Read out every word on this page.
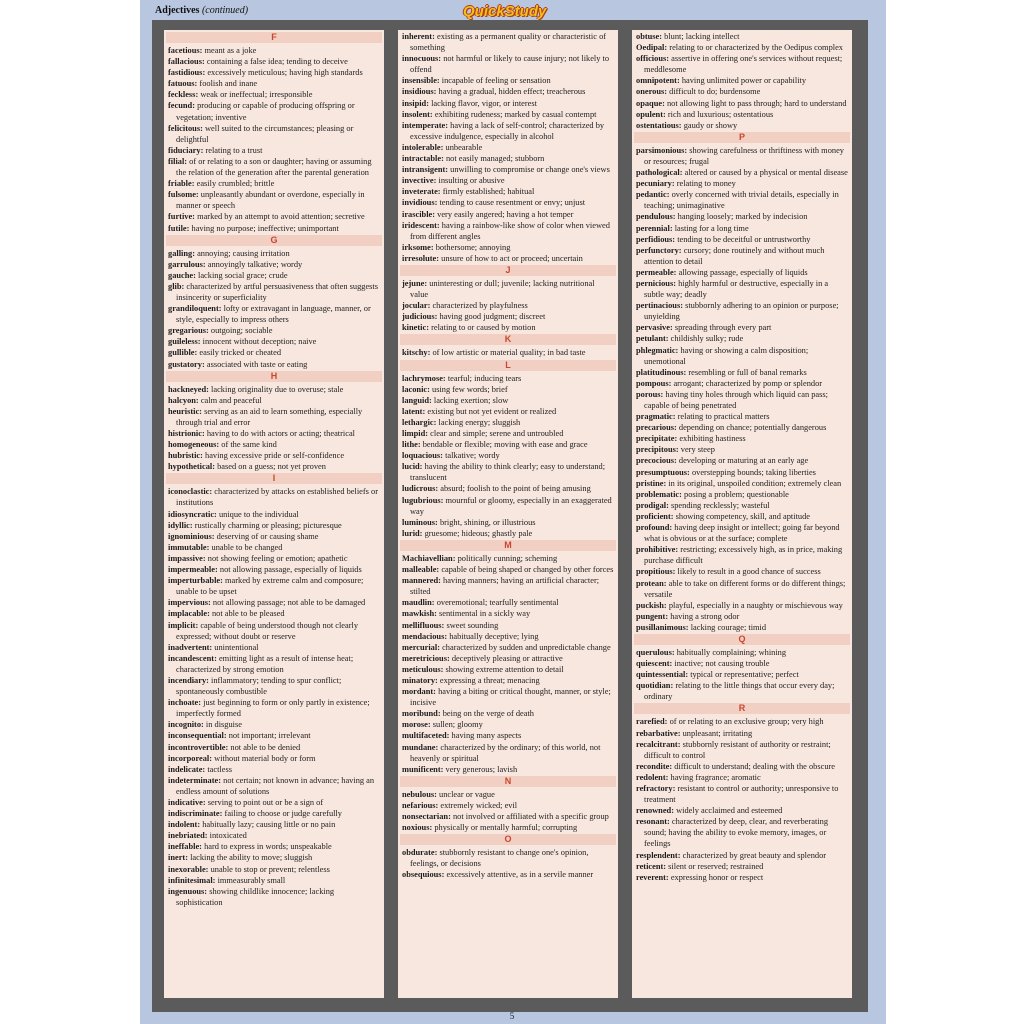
Adjectives (continued)	QuickStudy
F
facetious: meant as a joke
fallacious: containing a false idea; tending to deceive
fastidious: excessively meticulous; having high standards
fatuous: foolish and inane
feckless: weak or ineffectual; irresponsible
fecund: producing or capable of producing offspring or vegetation; inventive
felicitous: well suited to the circumstances; pleasing or delightful
fiduciary: relating to a trust
filial: of or relating to a son or daughter; having or assuming the relation of the generation after the parental generation
friable: easily crumbled; brittle
fulsome: unpleasantly abundant or overdone, especially in manner or speech
furtive: marked by an attempt to avoid attention; secretive
futile: having no purpose; ineffective; unimportant
G
galling: annoying; causing irritation
garrulous: annoyingly talkative; wordy
gauche: lacking social grace; crude
glib: characterized by artful persuasiveness that often suggests insincerity or superficiality
grandiloquent: lofty or extravagant in language, manner, or style, especially to impress others
gregarious: outgoing; sociable
guileless: innocent without deception; naive
gullible: easily tricked or cheated
gustatory: associated with taste or eating
H
hackneyed: lacking originality due to overuse; stale
halcyon: calm and peaceful
heuristic: serving as an aid to learn something, especially through trial and error
histrionic: having to do with actors or acting; theatrical
homogeneous: of the same kind
hubristic: having excessive pride or self-confidence
hypothetical: based on a guess; not yet proven
I
iconoclastic: characterized by attacks on established beliefs or institutions
idiosyncratic: unique to the individual
idyllic: rustically charming or pleasing; picturesque
ignominious: deserving of or causing shame
immutable: unable to be changed
impassive: not showing feeling or emotion; apathetic
impermeable: not allowing passage, especially of liquids
imperturbable: marked by extreme calm and composure; unable to be upset
impervious: not allowing passage; not able to be damaged
implacable: not able to be pleased
implicit: capable of being understood though not clearly expressed; without doubt or reserve
inadvertent: unintentional
incandescent: emitting light as a result of intense heat; characterized by strong emotion
incendiary: inflammatory; tending to spur conflict; spontaneously combustible
inchoate: just beginning to form or only partly in existence; imperfectly formed
incognito: in disguise
inconsequential: not important; irrelevant
incontrovertible: not able to be denied
incorporeal: without material body or form
indelicate: tactless
indeterminate: not certain; not known in advance; having an endless amount of solutions
indicative: serving to point out or be a sign of
indiscriminate: failing to choose or judge carefully
indolent: habitually lazy; causing little or no pain
inebriated: intoxicated
ineffable: hard to express in words; unspeakable
inert: lacking the ability to move; sluggish
inexorable: unable to stop or prevent; relentless
infinitesimal: immeasurably small
ingenuous: showing childlike innocence; lacking sophistication
inherent: existing as a permanent quality or characteristic of something
innocuous: not harmful or likely to cause injury; not likely to offend
insensible: incapable of feeling or sensation
insidious: having a gradual, hidden effect; treacherous
insipid: lacking flavor, vigor, or interest
insolent: exhibiting rudeness; marked by casual contempt
intemperate: having a lack of self-control; characterized by excessive indulgence, especially in alcohol
intolerable: unbearable
intractable: not easily managed; stubborn
intransigent: unwilling to compromise or change one's views
invective: insulting or abusive
inveterate: firmly established; habitual
invidious: tending to cause resentment or envy; unjust
irascible: very easily angered; having a hot temper
iridescent: having a rainbow-like show of color when viewed from different angles
irksome: bothersome; annoying
irresolute: unsure of how to act or proceed; uncertain
J
jejune: uninteresting or dull; juvenile; lacking nutritional value
jocular: characterized by playfulness
judicious: having good judgment; discreet
kinetic: relating to or caused by motion
K
kitschy: of low artistic or material quality; in bad taste
L
lachrymose: tearful; inducing tears
laconic: using few words; brief
languid: lacking exertion; slow
latent: existing but not yet evident or realized
lethargic: lacking energy; sluggish
limpid: clear and simple; serene and untroubled
lithe: bendable or flexible; moving with ease and grace
loquacious: talkative; wordy
lucid: having the ability to think clearly; easy to understand; translucent
ludicrous: absurd; foolish to the point of being amusing
lugubrious: mournful or gloomy, especially in an exaggerated way
luminous: bright, shining, or illustrious
lurid: gruesome; hideous; ghastly pale
M
Machiavellian: politically cunning; scheming
malleable: capable of being shaped or changed by other forces
mannered: having manners; having an artificial character; stilted
maudlin: overemotional; tearfully sentimental
mawkish: sentimental in a sickly way
mellifluous: sweet sounding
mendacious: habitually deceptive; lying
mercurial: characterized by sudden and unpredictable change
meretricious: deceptively pleasing or attractive
meticulous: showing extreme attention to detail
minatory: expressing a threat; menacing
mordant: having a biting or critical thought, manner, or style; incisive
moribund: being on the verge of death
morose: sullen; gloomy
multifaceted: having many aspects
mundane: characterized by the ordinary; of this world, not heavenly or spiritual
munificent: very generous; lavish
N
nebulous: unclear or vague
nefarious: extremely wicked; evil
nonsectarian: not involved or affiliated with a specific group
noxious: physically or mentally harmful; corrupting
O
obdurate: stubbornly resistant to change one's opinion, feelings, or decisions
obsequious: excessively attentive, as in a servile manner
obtuse: blunt; lacking intellect
Oedipal: relating to or characterized by the Oedipus complex
officious: assertive in offering one's services without request; meddlesome
omnipotent: having unlimited power or capability
onerous: difficult to do; burdensome
opaque: not allowing light to pass through; hard to understand
opulent: rich and luxurious; ostentatious
ostentatious: gaudy or showy
P
parsimonious: showing carefulness or thriftiness with money or resources; frugal
pathological: altered or caused by a physical or mental disease
pecuniary: relating to money
pedantic: overly concerned with trivial details, especially in teaching; unimaginative
pendulous: hanging loosely; marked by indecision
perennial: lasting for a long time
perfidious: tending to be deceitful or untrustworthy
perfunctory: cursory; done routinely and without much attention to detail
permeable: allowing passage, especially of liquids
pernicious: highly harmful or destructive, especially in a subtle way; deadly
pertinacious: stubbornly adhering to an opinion or purpose; unyielding
pervasive: spreading through every part
petulant: childishly sulky; rude
phlegmatic: having or showing a calm disposition; unemotional
platitudinous: resembling or full of banal remarks
pompous: arrogant; characterized by pomp or splendor
porous: having tiny holes through which liquid can pass; capable of being penetrated
pragmatic: relating to practical matters
precarious: depending on chance; potentially dangerous
precipitate: exhibiting hastiness
precipitous: very steep
precocious: developing or maturing at an early age
presumptuous: overstepping bounds; taking liberties
pristine: in its original, unspoiled condition; extremely clean
problematic: posing a problem; questionable
prodigal: spending recklessly; wasteful
proficient: showing competency, skill, and aptitude
profound: having deep insight or intellect; going far beyond what is obvious or at the surface; complete
prohibitive: restricting; excessively high, as in price, making purchase difficult
propitious: likely to result in a good chance of success
protean: able to take on different forms or do different things; versatile
puckish: playful, especially in a naughty or mischievous way
pungent: having a strong odor
pusillanimous: lacking courage; timid
Q
querulous: habitually complaining; whining
quiescent: inactive; not causing trouble
quintessential: typical or representative; perfect
quotidian: relating to the little things that occur every day; ordinary
R
rarefied: of or relating to an exclusive group; very high
rebarbative: unpleasant; irritating
recalcitrant: stubbornly resistant of authority or restraint; difficult to control
recondite: difficult to understand; dealing with the obscure
redolent: having fragrance; aromatic
refractory: resistant to control or authority; unresponsive to treatment
renowned: widely acclaimed and esteemed
resonant: characterized by deep, clear, and reverberating sound; having the ability to evoke memory, images, or feelings
resplendent: characterized by great beauty and splendor
reticent: silent or reserved; restrained
reverent: expressing honor or respect
5
